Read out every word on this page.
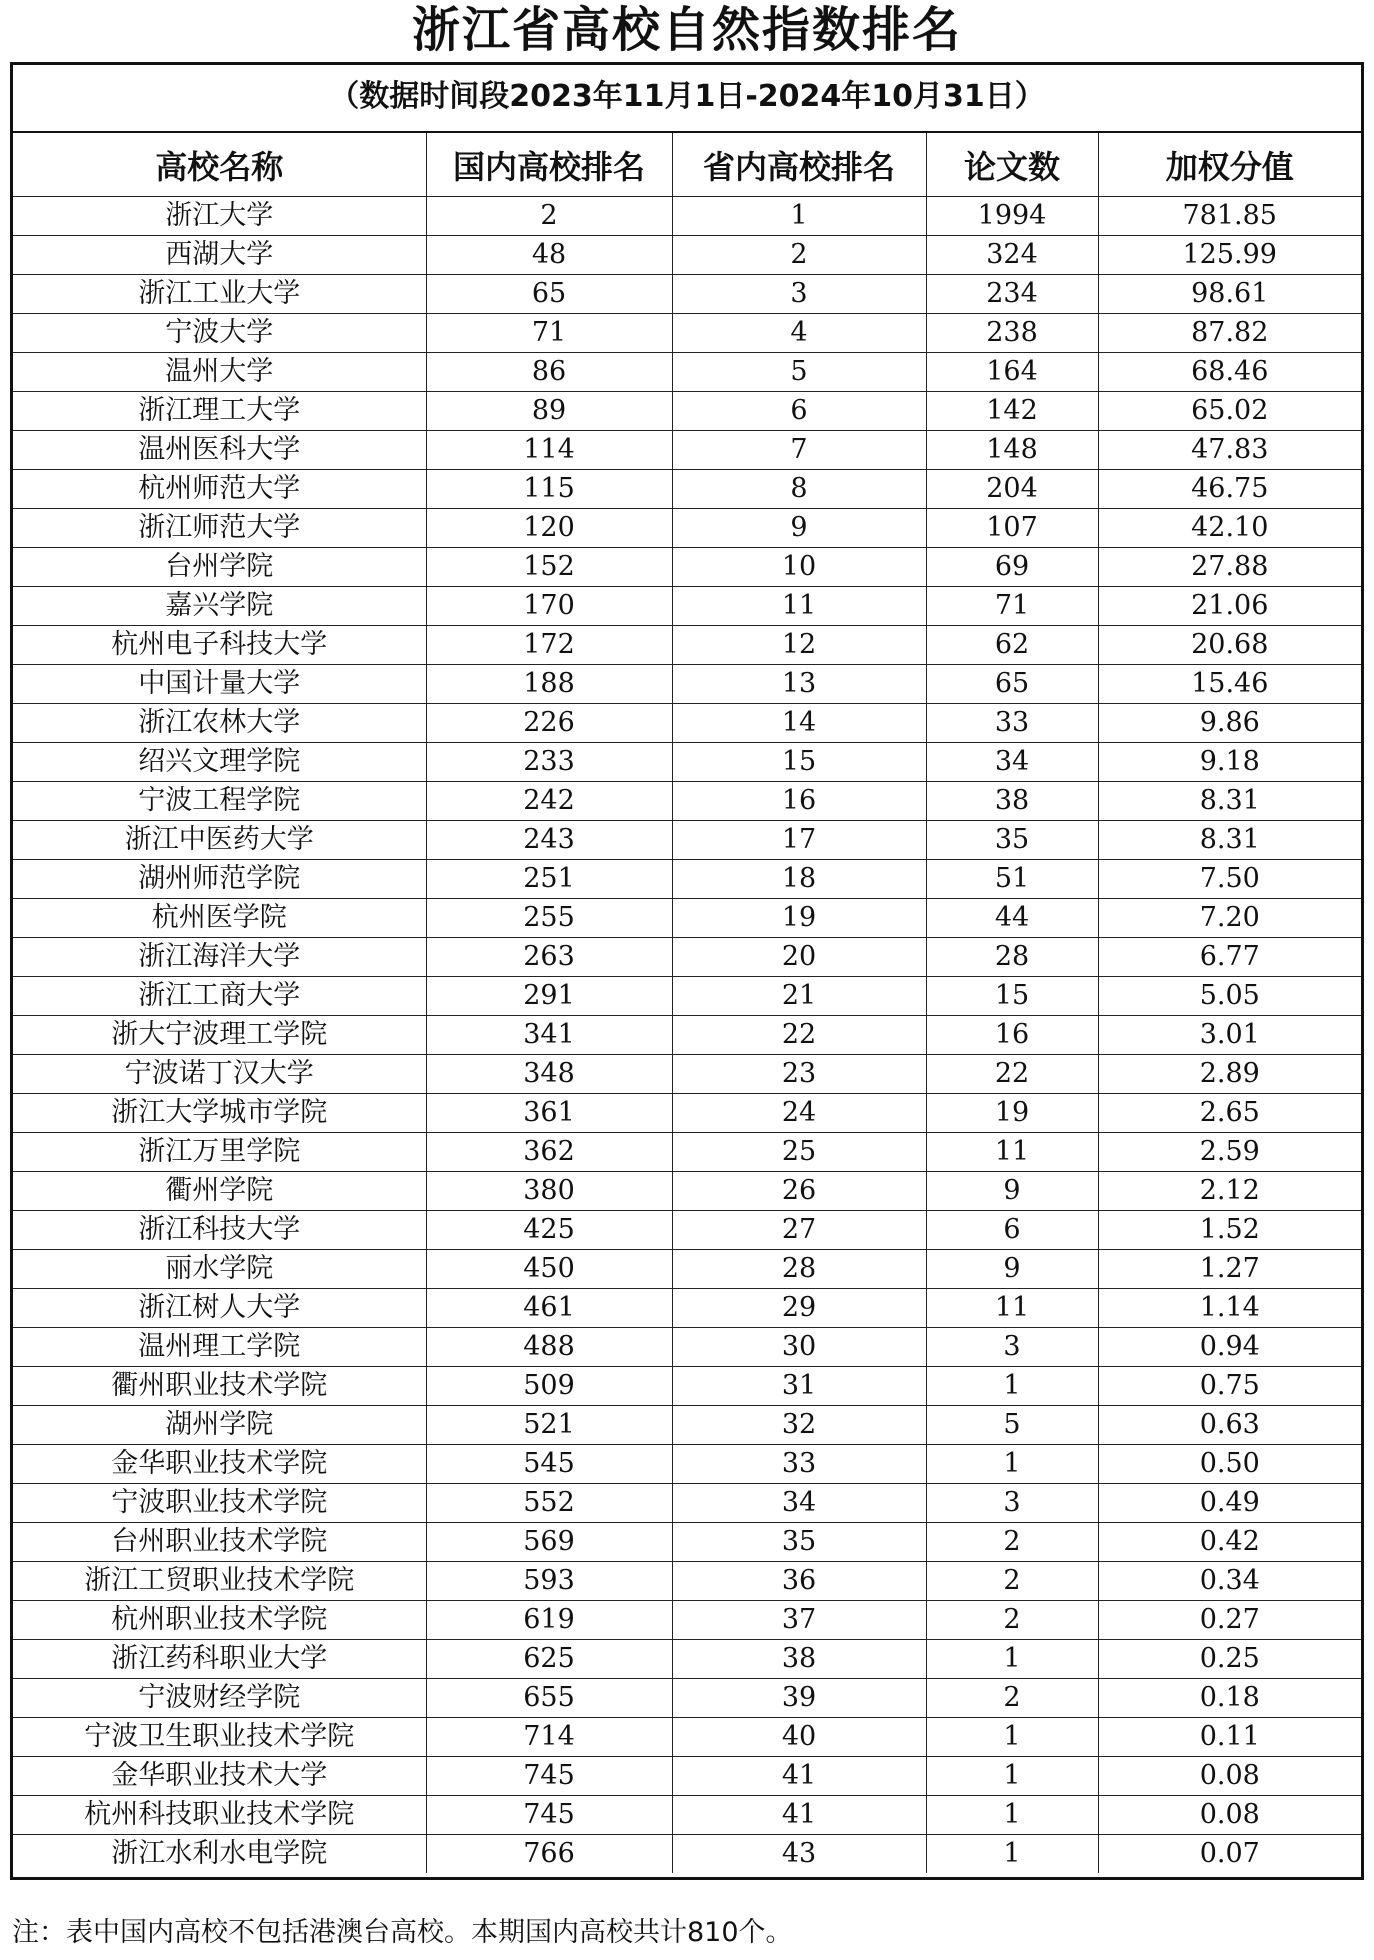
浙江省高校自然指数排名
（数据时间段2023年11月1日-2024年10月31日）
高校名称	国内高校排名	省内高校排名	论文数	加权分值
浙江大学	2	1	1994	781.85
西湖大学	48	2	324	125.99
浙江工业大学	65	3	234	98.61
宁波大学	71	4	238	87.82
温州大学	86	5	164	68.46
浙江理工大学	89	6	142	65.02
温州医科大学	114	7	148	47.83
杭州师范大学	115	8	204	46.75
浙江师范大学	120	9	107	42.10
台州学院	152	10	69	27.88
嘉兴学院	170	11	71	21.06
杭州电子科技大学	172	12	62	20.68
中国计量大学	188	13	65	15.46
浙江农林大学	226	14	33	9.86
绍兴文理学院	233	15	34	9.18
宁波工程学院	242	16	38	8.31
浙江中医药大学	243	17	35	8.31
湖州师范学院	251	18	51	7.50
杭州医学院	255	19	44	7.20
浙江海洋大学	263	20	28	6.77
浙江工商大学	291	21	15	5.05
浙大宁波理工学院	341	22	16	3.01
宁波诺丁汉大学	348	23	22	2.89
浙江大学城市学院	361	24	19	2.65
浙江万里学院	362	25	11	2.59
衢州学院	380	26	9	2.12
浙江科技大学	425	27	6	1.52
丽水学院	450	28	9	1.27
浙江树人大学	461	29	11	1.14
温州理工学院	488	30	3	0.94
衢州职业技术学院	509	31	1	0.75
湖州学院	521	32	5	0.63
金华职业技术学院	545	33	1	0.50
宁波职业技术学院	552	34	3	0.49
台州职业技术学院	569	35	2	0.42
浙江工贸职业技术学院	593	36	2	0.34
杭州职业技术学院	619	37	2	0.27
浙江药科职业大学	625	38	1	0.25
宁波财经学院	655	39	2	0.18
宁波卫生职业技术学院	714	40	1	0.11
金华职业技术大学	745	41	1	0.08
杭州科技职业技术学院	745	41	1	0.08
浙江水利水电学院	766	43	1	0.07
注：表中国内高校不包括港澳台高校。本期国内高校共计810个。
